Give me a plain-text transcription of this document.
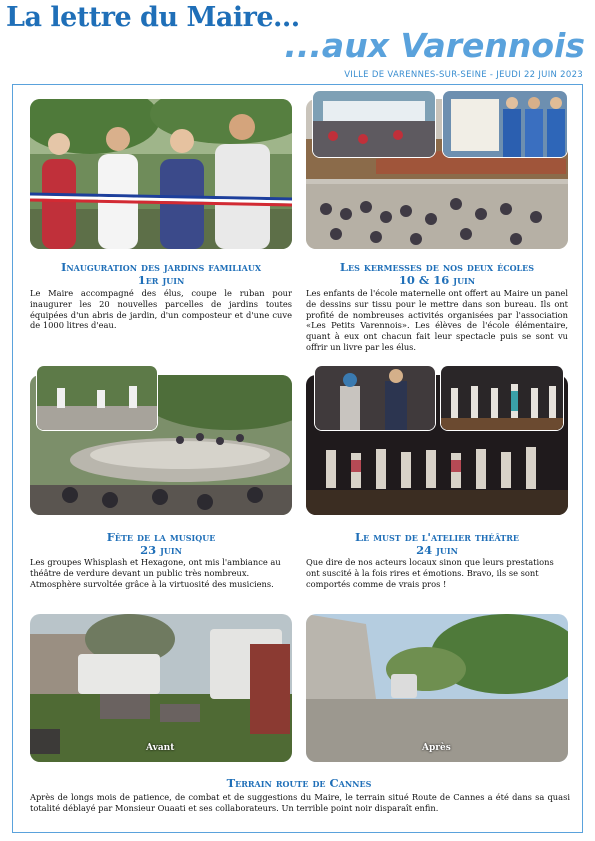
La lettre du Maire...
...aux Varennois
VILLE DE VARENNES-SUR-SEINE - JEUDI 22 JUIN 2023
Inauguration des jardins familiaux
1er juin
Le Maire accompagné des élus, coupe le ruban pour inaugurer les 20 nouvelles parcelles de jardins toutes équipées d'un abris de jardin, d'un composteur et d'une cuve de 1000 litres d'eau.
Les kermesses de nos deux écoles
10 & 16 juin
Les enfants de l'école maternelle ont offert au Maire un panel de dessins sur tissu pour le mettre dans son bureau. Ils ont profité de nombreuses activités organisées par l'association «Les Petits Varennois». Les élèves de l'école élémentaire, quant à eux ont chacun fait leur spectacle puis se sont vu offrir un livre par les élus.
Fête de la musique
23 juin
Les groupes Whisplash et Hexagone, ont mis l'ambiance au théâtre de verdure devant un public très nombreux. Atmosphère survoltée grâce à la virtuosité des musiciens.
Le must de l'atelier théâtre
24 juin
Que dire de nos acteurs locaux sinon que leurs prestations ont suscité à la fois rires et émotions. Bravo, ils se sont comportés comme de vrais pros !
Avant	Après
Terrain route de Cannes
Après de longs mois de patience, de combat et de suggestions du Maire, le terrain situé Route de Cannes a été dans sa quasi totalité déblayé par Monsieur Ouaati et ses collaborateurs. Un terrible point noir disparaît enfin.
